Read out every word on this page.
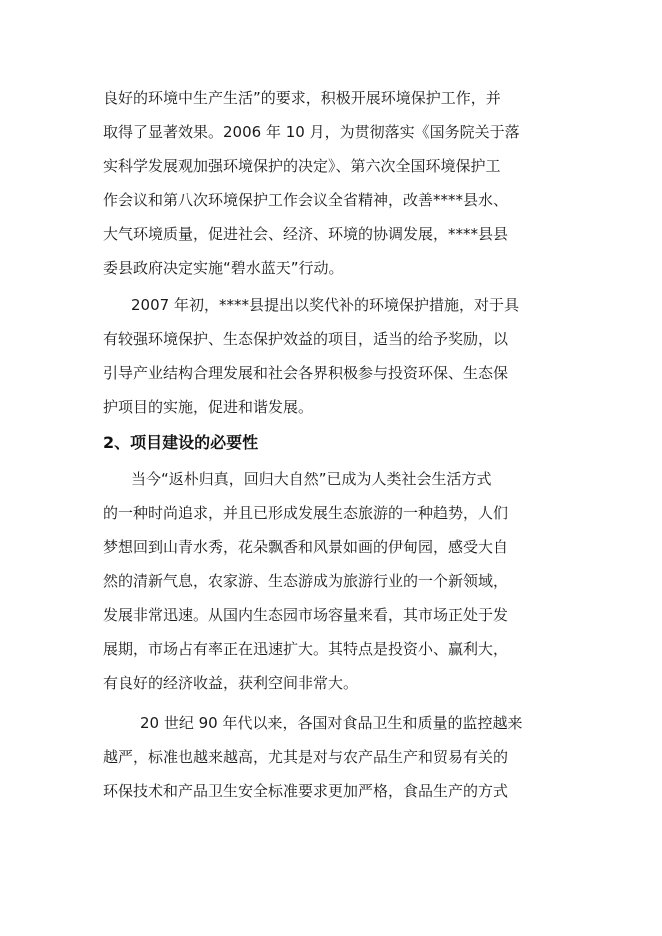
良好的环境中生产生活”的要求，积极开展环境保护工作，并
取得了显著效果。2006 年 10 月，为贯彻落实《国务院关于落
实科学发展观加强环境保护的决定》、第六次全国环境保护工
作会议和第八次环境保护工作会议全省精神，改善****县水、
大气环境质量，促进社会、经济、环境的协调发展，****县县
委县政府决定实施“碧水蓝天”行动。
2007 年初，****县提出以奖代补的环境保护措施，对于具
有较强环境保护、生态保护效益的项目，适当的给予奖励，以
引导产业结构合理发展和社会各界积极参与投资环保、生态保
护项目的实施，促进和谐发展。
2、项目建设的必要性
当今“返朴归真，回归大自然”已成为人类社会生活方式
的一种时尚追求，并且已形成发展生态旅游的一种趋势，人们
梦想回到山青水秀，花朵飘香和风景如画的伊甸园，感受大自
然的清新气息，农家游、生态游成为旅游行业的一个新领域，
发展非常迅速。从国内生态园市场容量来看，其市场正处于发
展期，市场占有率正在迅速扩大。其特点是投资小、赢利大，
有良好的经济收益，获利空间非常大。
20 世纪 90 年代以来，各国对食品卫生和质量的监控越来
越严，标准也越来越高，尤其是对与农产品生产和贸易有关的
环保技术和产品卫生安全标准要求更加严格，食品生产的方式
